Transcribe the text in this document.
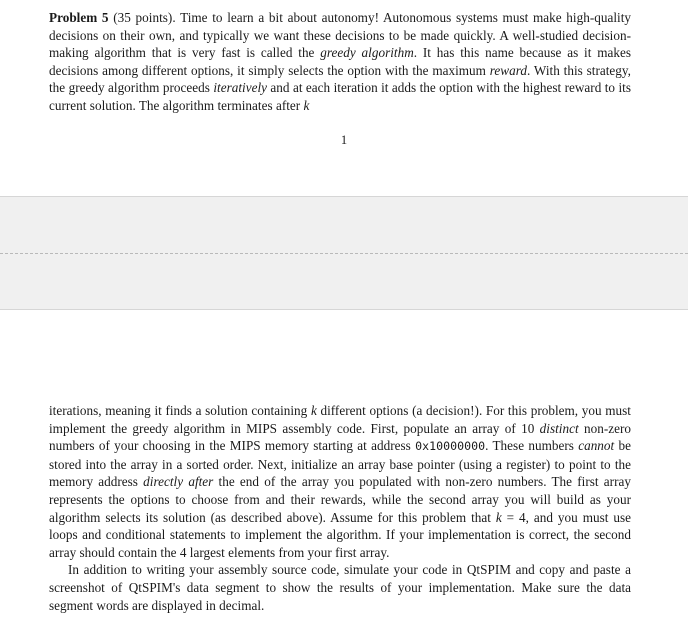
Problem 5 (35 points). Time to learn a bit about autonomy! Autonomous systems must make high-quality decisions on their own, and typically we want these decisions to be made quickly. A well-studied decision-making algorithm that is very fast is called the greedy algorithm. It has this name because as it makes decisions among different options, it simply selects the option with the maximum reward. With this strategy, the greedy algorithm proceeds iteratively and at each iteration it adds the option with the highest reward to its current solution. The algorithm terminates after k

1

iterations, meaning it finds a solution containing k different options (a decision!). For this problem, you must implement the greedy algorithm in MIPS assembly code. First, populate an array of 10 distinct non-zero numbers of your choosing in the MIPS memory starting at address 0x10000000. These numbers cannot be stored into the array in a sorted order. Next, initialize an array base pointer (using a register) to point to the memory address directly after the end of the array you populated with non-zero numbers. The first array represents the options to choose from and their rewards, while the second array you will build as your algorithm selects its solution (as described above). Assume for this problem that k = 4, and you must use loops and conditional statements to implement the algorithm. If your implementation is correct, the second array should contain the 4 largest elements from your first array.

In addition to writing your assembly source code, simulate your code in QtSPIM and copy and paste a screenshot of QtSPIM's data segment to show the results of your implementation. Make sure the data segment words are displayed in decimal.
